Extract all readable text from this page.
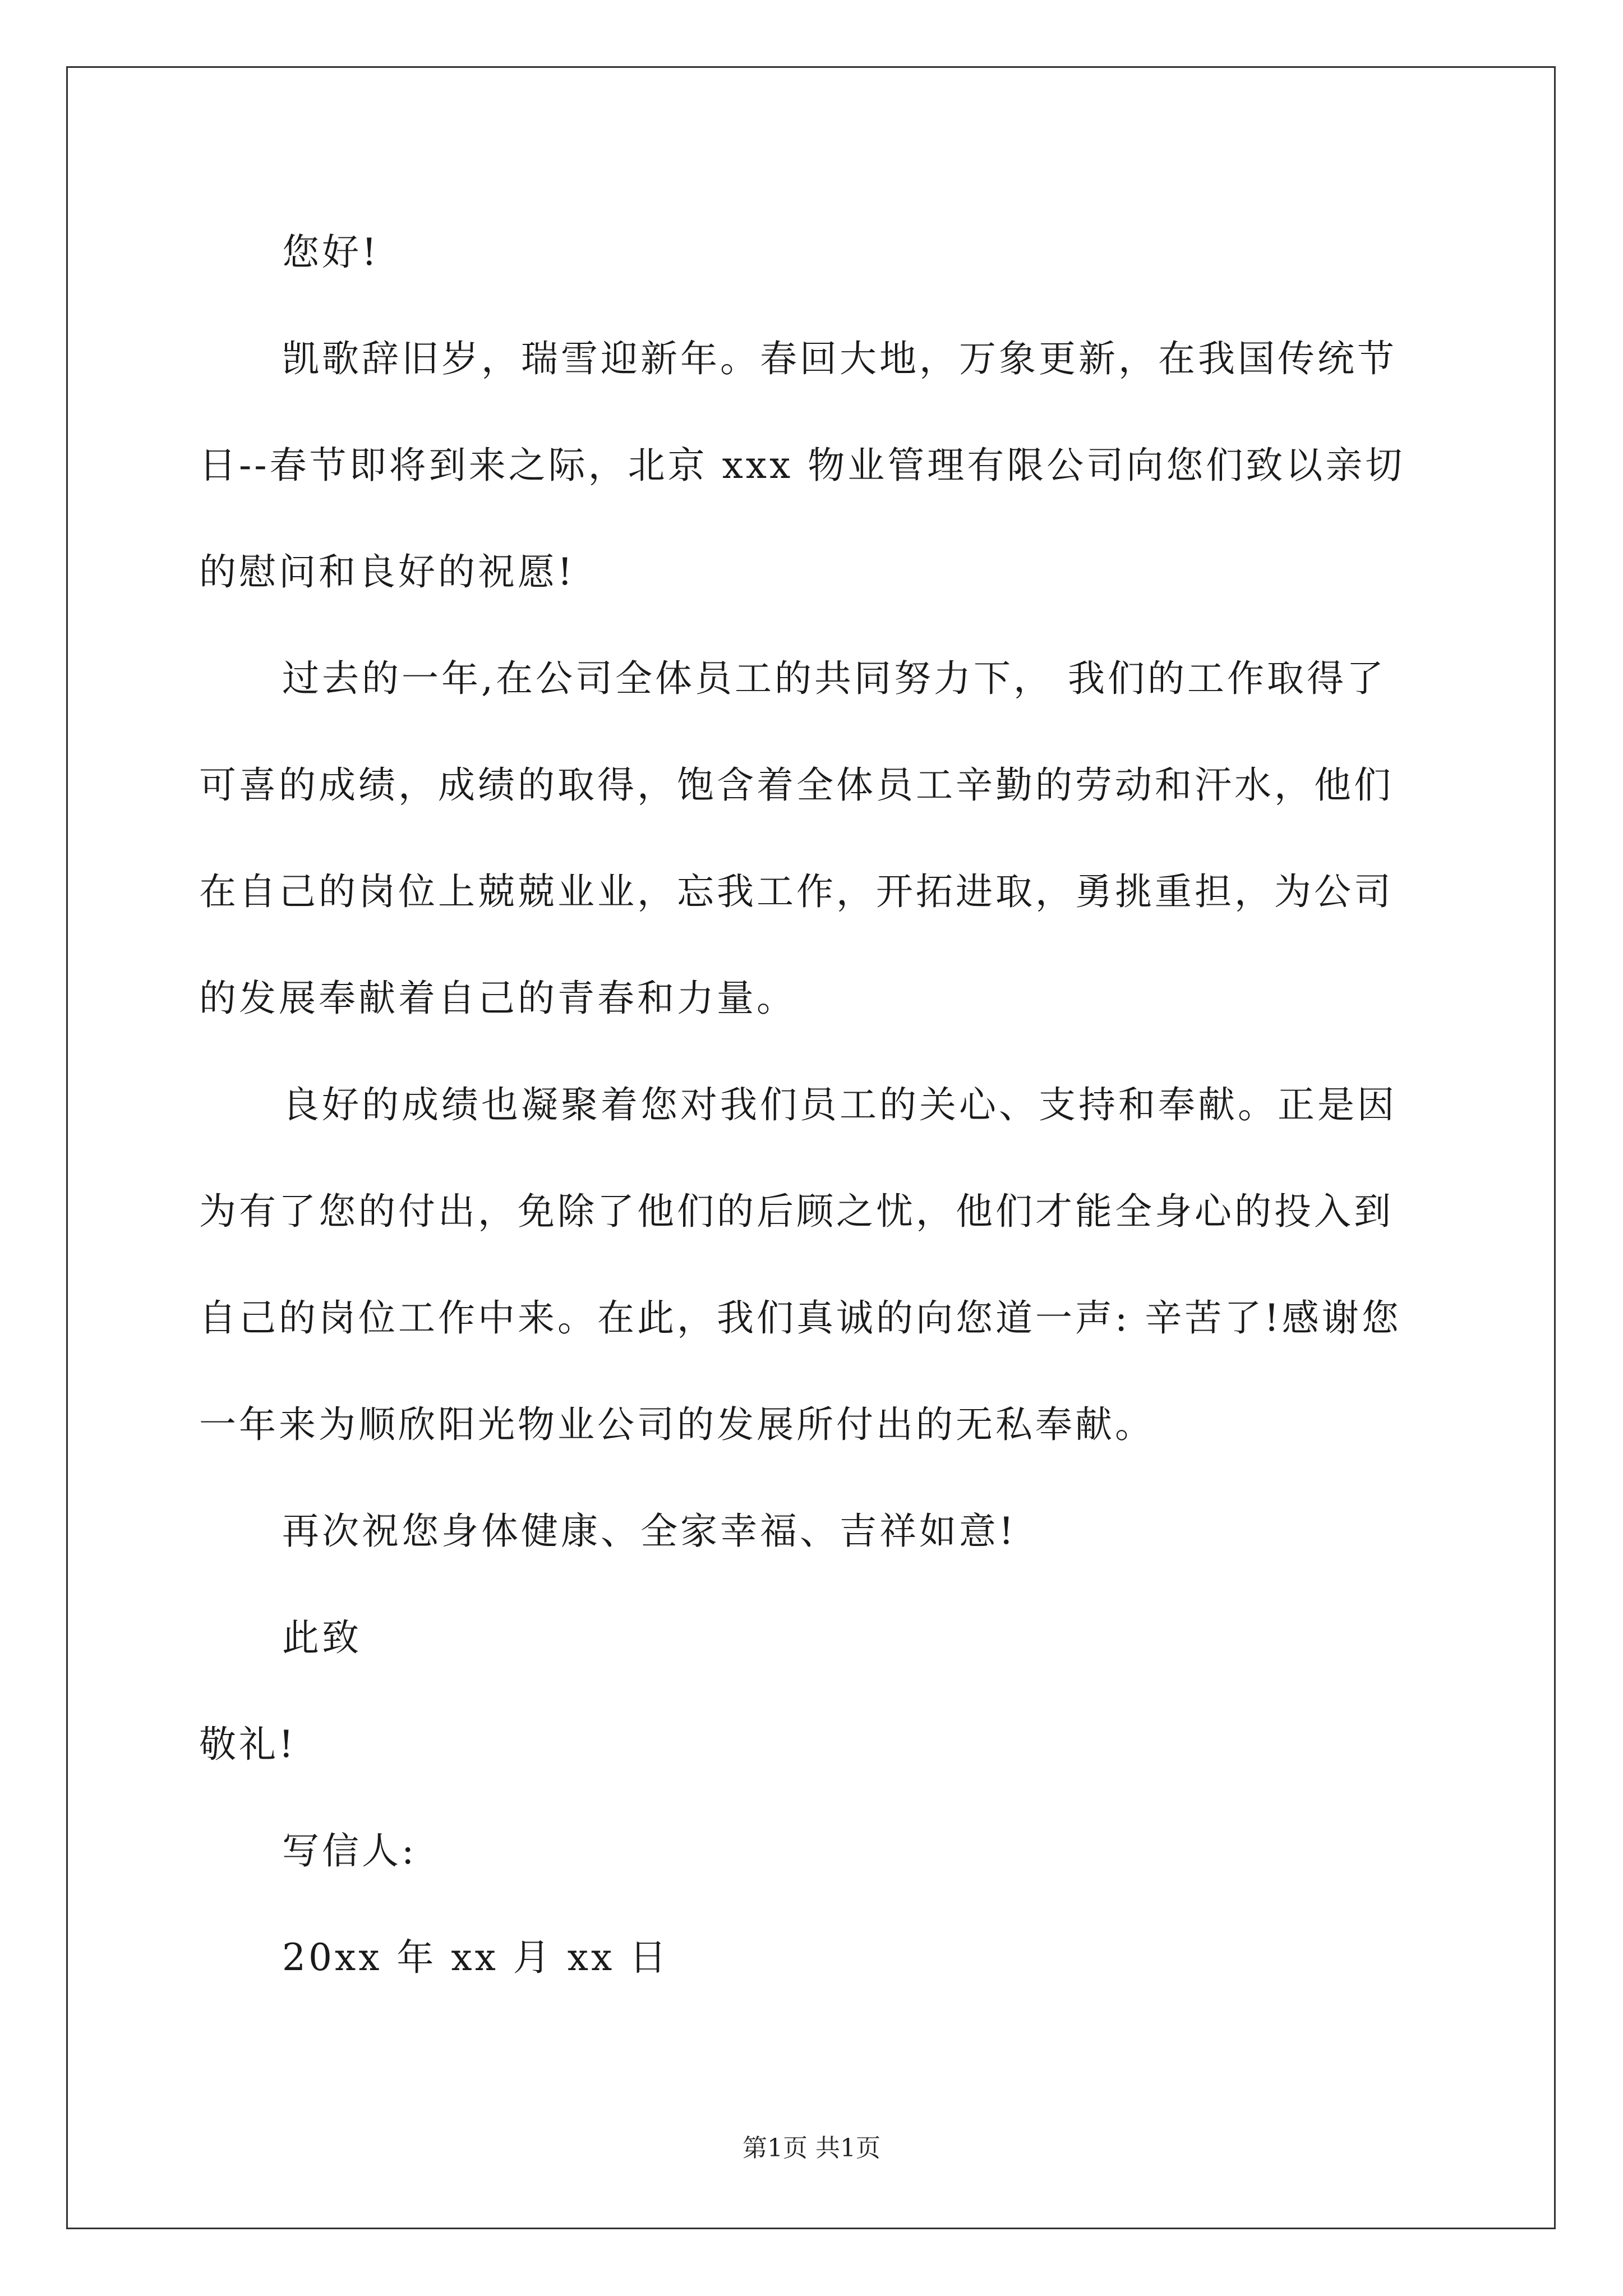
您好!
凯歌辞旧岁，瑞雪迎新年。春回大地，万象更新，在我国传统节
日--春节即将到来之际，北京 xxx 物业管理有限公司向您们致以亲切
的慰问和良好的祝愿!
过去的一年,在公司全体员工的共同努力下， 我们的工作取得了
可喜的成绩，成绩的取得，饱含着全体员工辛勤的劳动和汗水，他们
在自己的岗位上兢兢业业，忘我工作，开拓进取，勇挑重担，为公司
的发展奉献着自己的青春和力量。
良好的成绩也凝聚着您对我们员工的关心、支持和奉献。正是因
为有了您的付出，免除了他们的后顾之忧，他们才能全身心的投入到
自己的岗位工作中来。在此，我们真诚的向您道一声: 辛苦了!感谢您
一年来为顺欣阳光物业公司的发展所付出的无私奉献。
再次祝您身体健康、全家幸福、吉祥如意!
此致
敬礼!
写信人:
20xx 年 xx 月 xx 日
第1页 共1页
